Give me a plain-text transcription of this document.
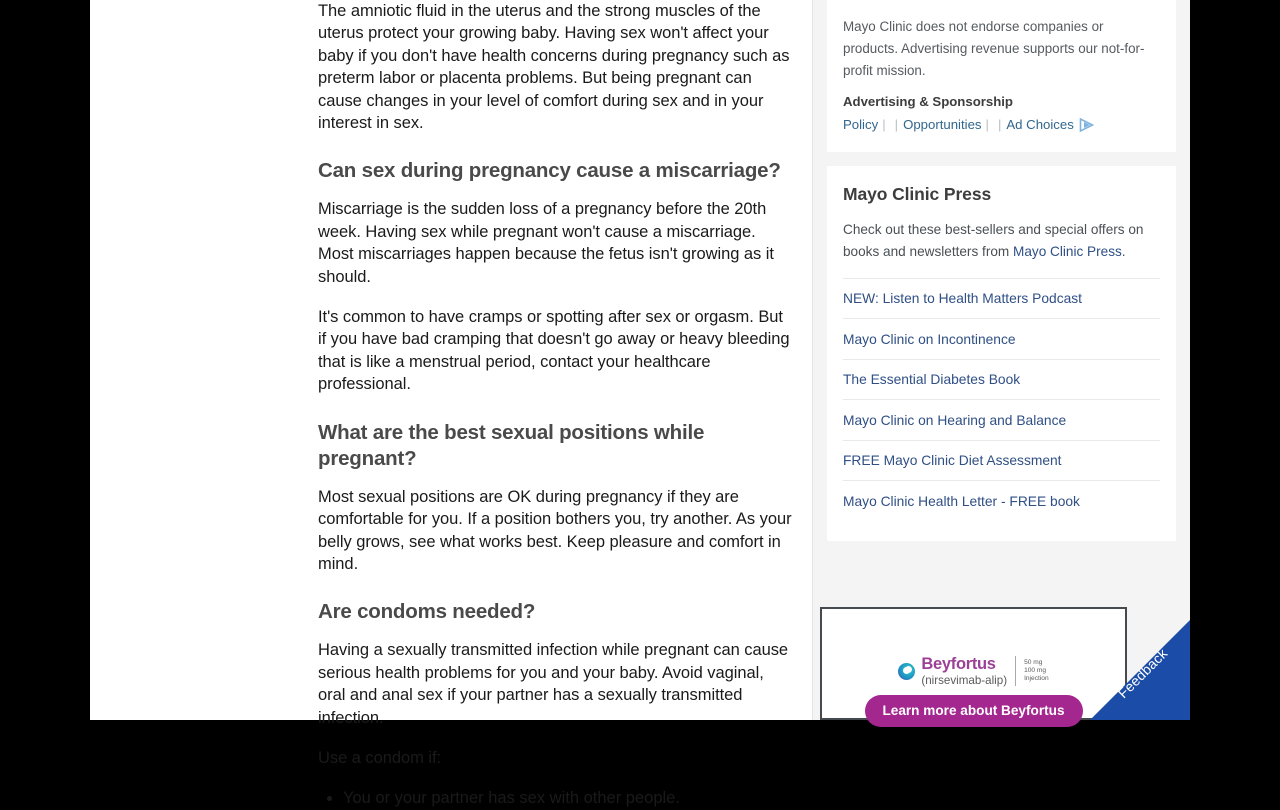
The amniotic fluid in the uterus and the strong muscles of the uterus protect your growing baby. Having sex won't affect your baby if you don't have health concerns during pregnancy such as preterm labor or placenta problems. But being pregnant can cause changes in your level of comfort during sex and in your interest in sex.

Can sex during pregnancy cause a miscarriage?

Miscarriage is the sudden loss of a pregnancy before the 20th week. Having sex while pregnant won't cause a miscarriage. Most miscarriages happen because the fetus isn't growing as it should.

It's common to have cramps or spotting after sex or orgasm. But if you have bad cramping that doesn't go away or heavy bleeding that is like a menstrual period, contact your healthcare professional.

What are the best sexual positions while pregnant?

Most sexual positions are OK during pregnancy if they are comfortable for you. If a position bothers you, try another. As your belly grows, see what works best. Keep pleasure and comfort in mind.

Are condoms needed?

Having a sexually transmitted infection while pregnant can cause serious health problems for you and your baby. Avoid vaginal, oral and anal sex if your partner has a sexually transmitted infection.

Use a condom if:

• You or your partner has sex with other people.

Mayo Clinic does not endorse companies or products. Advertising revenue supports our not-for-profit mission.

Advertising & Sponsorship
Policy | | Opportunities | | Ad Choices
Mayo Clinic Press

Check out these best-sellers and special offers on books and newsletters from Mayo Clinic Press.

NEW: Listen to Health Matters Podcast
Mayo Clinic on Incontinence
The Essential Diabetes Book
Mayo Clinic on Hearing and Balance
FREE Mayo Clinic Diet Assessment
Mayo Clinic Health Letter - FREE book
Beyfortus
(nirsevimab-alip)
50 mg
100 mg
Injection
Learn more about Beyfortus
Feedback
